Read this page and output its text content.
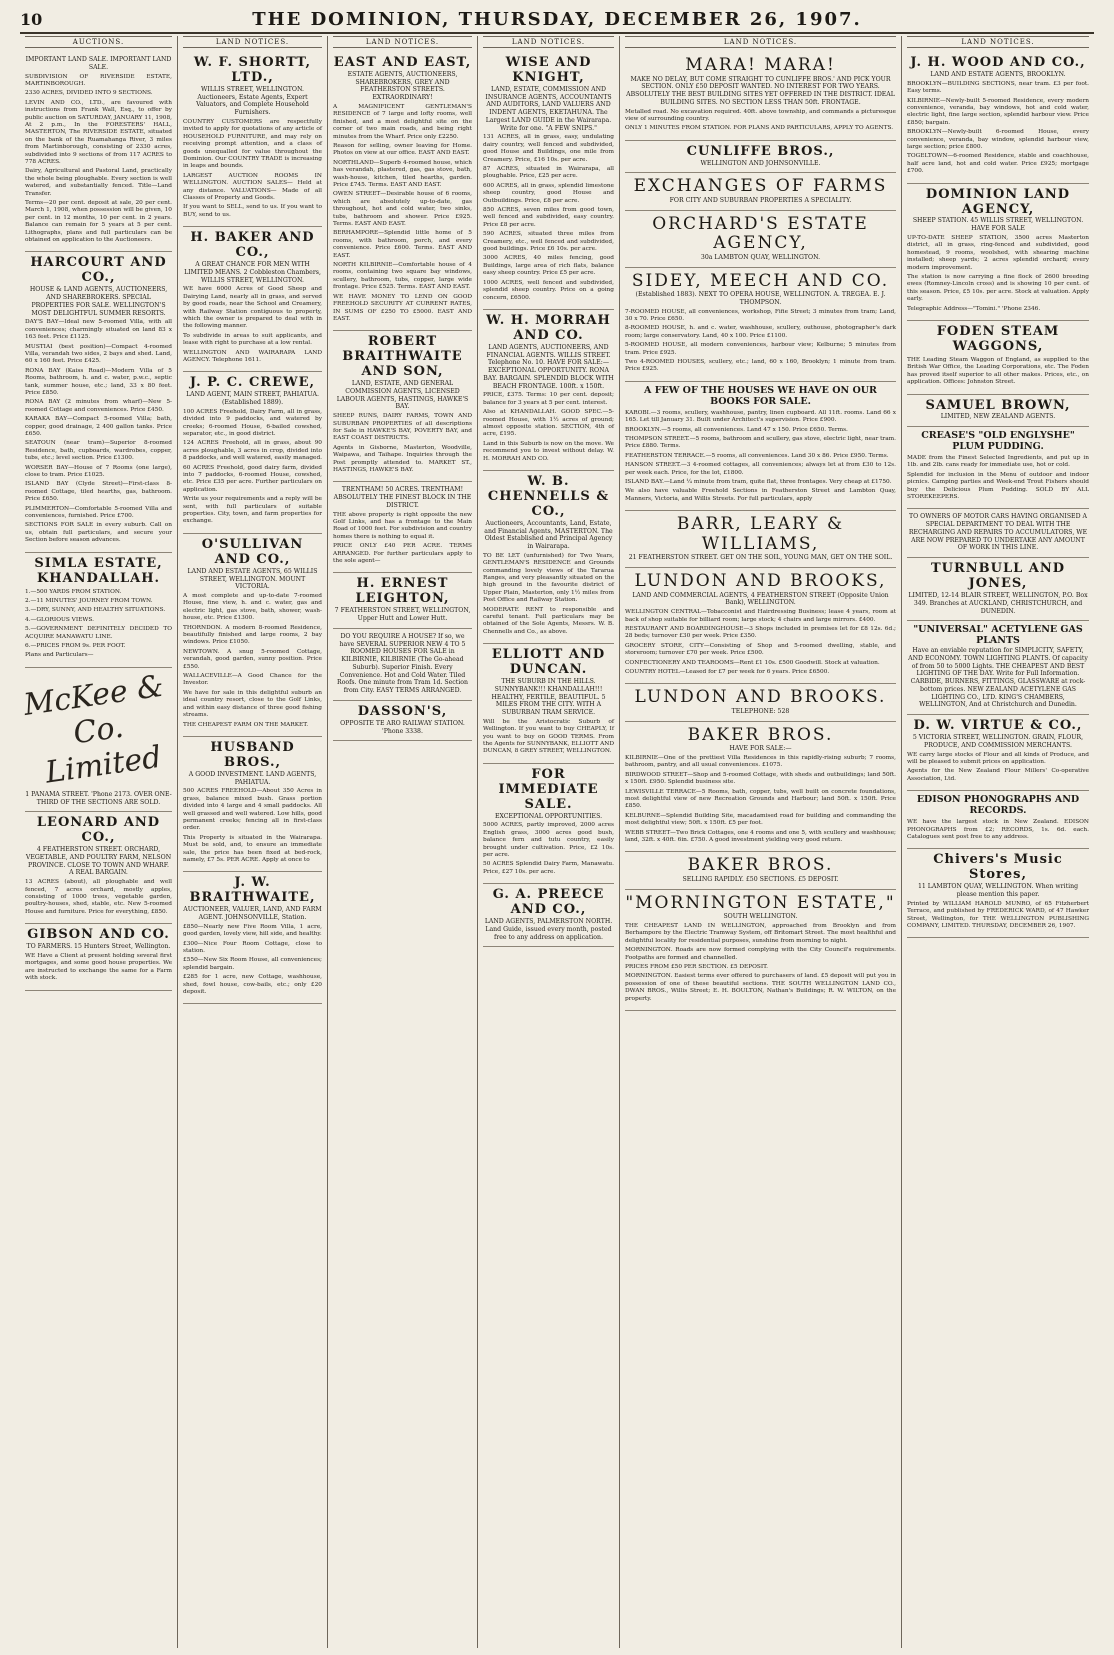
10	THE DOMINION, THURSDAY, DECEMBER 26, 1907.
AUCTIONS.
IMPORTANT LAND SALE. IMPORTANT LAND SALE.
SUBDIVISION OF RIVERSIDE ESTATE, MARTINBOROUGH.
2330 ACRES, DIVIDED INTO 9 SECTIONS.
LEVIN AND CO., LTD., are favoured with instructions from Frank Wall, Esq., to offer by public auction on SATURDAY, JANUARY 11, 1908, At 2 p.m., In the FORESTERS' HALL, MASTERTON, The RIVERSIDE ESTATE, situated on the bank of the Ruamahanga River, 3 miles from Martinborough, consisting of 2330 acres, subdivided into 9 sections of from 117 ACRES to 778 ACRES.
Dairy, Agricultural and Pastoral Land, practically the whole being ploughable. Every section is well watered, and substantially fenced. Title—Land Transfer.
Terms—20 per cent. deposit at sale, 20 per cent. March 1, 1908, when possession will be given, 10 per cent. in 12 months, 10 per cent. in 2 years. Balance can remain for 5 years at 5 per cent. Lithographs, plans and full particulars can be obtained on application to the Auctioneers.
HARCOURT AND CO.,
HOUSE & LAND AGENTS, AUCTIONEERS, AND SHAREBROKERS. SPECIAL PROPERTIES FOR SALE. WELLINGTON'S MOST DELIGHTFUL SUMMER RESORTS.
DAY'S BAY—Ideal new 5-roomed Villa, with all conveniences; charmingly situated on land 83 x 163 feet. Price £1125.
MUSTIAI (best position)—Compact 4-roomed Villa, verandah two sides, 2 bays and shed. Land, 60 x 160 feet. Price £425.
RONA BAY (Kaiss Road)—Modern Villa of 5 Rooms, bathroom, h. and c. water, p.w.c., septic tank, summer house, etc.; land, 33 x 80 feet. Price £850.
RONA BAY (2 minutes from wharf)—New 5-roomed Cottage and conveniences. Price £450.
KARAKA BAY—Compact 5-roomed Villa; bath, copper, good drainage, 2 400 gallon tanks. Price £650.
SEATOUN (near tram)—Superior 8-roomed Residence, bath, cupboards, wardrobes, copper, tubs, etc.; level section. Price £1300.
WORSER BAY—House of 7 Rooms (one large), close to tram. Price £1025.
ISLAND BAY (Clyde Street)—First-class 8-roomed Cottage, tiled hearths, gas, bathroom. Price £650.
PLIMMERTON—Comfortable 5-roomed Villa and conveniences, furnished. Price £700.
SECTIONS FOR SALE in every suburb. Call on us, obtain full particulars, and secure your Section before season advances.
SIMLA ESTATE, KHANDALLAH.
1.—500 YARDS FROM STATION.
2.—11 MINUTES' JOURNEY FROM TOWN.
3.—DRY, SUNNY, AND HEALTHY SITUATIONS.
4.—GLORIOUS VIEWS.
5.—GOVERNMENT DEFINITELY DECIDED TO ACQUIRE MANAWATU LINE.
6.—PRICES FROM 9s. PER FOOT.
Plans and Particulars—
McKee & Co. Limited
1 PANAMA STREET. 'Phone 2173. OVER ONE-THIRD OF THE SECTIONS ARE SOLD.
LEONARD AND CO.,
4 FEATHERSTON STREET. ORCHARD, VEGETABLE, AND POULTRY FARM, NELSON PROVINCE. CLOSE TO TOWN AND WHARF. A REAL BARGAIN.
13 ACRES (about), all ploughable and well fenced, 7 acres orchard, mostly apples, consisting of 1000 trees, vegetable garden, poultry-houses, shed, stable, etc. New 5-roomed House and furniture. Price for everything, £850.
GIBSON AND CO.
TO FARMERS. 15 Hunters Street, Wellington.
WE Have a Client at present holding several first mortgages, and some good house properties. We are instructed to exchange the same for a Farm with stock.
LAND NOTICES.
W. F. SHORTT, LTD.,
WILLIS STREET, WELLINGTON. Auctioneers, Estate Agents, Expert Valuators, and Complete Household Furnishers.
COUNTRY CUSTOMERS are respectfully invited to apply for quotations of any article of HOUSEHOLD FURNITURE, and may rely on receiving prompt attention, and a class of goods unequalled for value throughout the Dominion. Our COUNTRY TRADE is increasing in leaps and bounds.
LARGEST AUCTION ROOMS IN WELLINGTON. AUCTION SALES— Held at any distance. VALUATIONS— Made of all Classes of Property and Goods.
If you want to SELL, send to us. If you want to BUY, send to us.
H. BAKER AND CO.,
A GREAT CHANCE FOR MEN WITH LIMITED MEANS. 2 Cobbleston Chambers, WILLIS STREET, WELLINGTON.
WE have 6000 Acres of Good Sheep and Dairying Land, nearly all in grass, and served by good roads, near the School and Creamery, with Railway Station contiguous to property, which the owner is prepared to deal with in the following manner.
To subdivide in areas to suit applicants, and lease with right to purchase at a low rental.
WELLINGTON AND WAIRARAPA LAND AGENCY. Telephone 1611.
J. P. C. CREWE,
LAND AGENT, MAIN STREET, PAHIATUA. (Established 1889).
100 ACRES Freehold, Dairy Farm, all in grass, divided into 9 paddocks, and watered by creeks; 6-roomed House, 6-bailed cowshed, separator, etc., in good district.
124 ACRES Freehold, all in grass, about 90 acres ploughable, 3 acres in crop, divided into 8 paddocks, and well watered, easily managed.
60 ACRES Freehold, good dairy farm, divided into 7 paddocks, 6-roomed House, cowshed, etc. Price £35 per acre. Further particulars on application.
Write us your requirements and a reply will be sent, with full particulars of suitable properties. City, town, and farm properties for exchange.
O'SULLIVAN AND CO.,
LAND AND ESTATE AGENTS, 65 WILLIS STREET, WELLINGTON. MOUNT VICTORIA.
A most complete and up-to-date 7-roomed House, fine view, h. and c. water, gas and electric light, gas stove, bath, shower, wash-house, etc. Price £1300.
THORNDON. A modern 8-roomed Residence, beautifully finished and large rooms, 2 bay windows. Price £1050.
NEWTOWN. A snug 5-roomed Cottage, verandah, good garden, sunny position. Price £550.
WALLACEVILLE—A Good Chance for the Investor.
We have for sale in this delightful suburb an ideal country resort, close to the Golf Links, and within easy distance of three good fishing streams.
THE CHEAPEST FARM ON THE MARKET.
HUSBAND BROS.,
A GOOD INVESTMENT. LAND AGENTS, PAHIATUA.
500 ACRES FREEHOLD—About 350 Acres in grass, balance mixed bush. Grass portion divided into 4 large and 4 small paddocks. All well grassed and well watered. Low hills, good permanent creeks; fencing all in first-class order.
This Property is situated in the Wairarapa. Must be sold, and, to ensure an immediate sale, the price has been fixed at bed-rock, namely, £7 5s. PER ACRE. Apply at once to
J. W. BRAITHWAITE,
AUCTIONEER, VALUER, LAND, AND FARM AGENT. JOHNSONVILLE, Station.
£850—Nearly new Five Room Villa, 1 acre, good garden, lovely view, hill side, and healthy.
£300—Nice Four Room Cottage, close to station.
£550—New Six Room House, all conveniences; splendid bargain.
£285 for 1 acre, new Cottage, washhouse, shed, fowl house, cow-bails, etc.; only £20 deposit.
LAND NOTICES.
EAST AND EAST,
ESTATE AGENTS, AUCTIONEERS, SHAREBROKERS, GREY AND FEATHERSTON STREETS. EXTRAORDINARY!
A MAGNIFICENT GENTLEMAN'S RESIDENCE of 7 large and lofty rooms, well finished, and a most delightful site on the corner of two main roads, and being right minutes from the Wharf. Price only £2250.
Reason for selling, owner leaving for Home. Photos on view at our office. EAST AND EAST.
NORTHLAND—Superb 4-roomed house, which has verandah, plastered, gas, gas stove, bath, wash-house, kitchen, tiled hearths, garden. Price £745. Terms. EAST AND EAST.
OWEN STREET—Desirable house of 6 rooms, which are absolutely up-to-date, gas throughout, hot and cold water, two sinks, tubs, bathroom and shower. Price £925. Terms. EAST AND EAST.
BERHAMPORE—Splendid little home of 5 rooms, with bathroom, porch, and every convenience. Price £600. Terms. EAST AND EAST.
NORTH KILBIRNIE—Comfortable house of 4 rooms, containing two square bay windows, scullery, bathroom, tubs, copper, large wide frontage. Price £525. Terms. EAST AND EAST.
WE HAVE MONEY TO LEND ON GOOD FREEHOLD SECURITY AT CURRENT RATES, IN SUMS OF £250 TO £5000. EAST AND EAST.
ROBERT BRAITHWAITE AND SON,
LAND, ESTATE, AND GENERAL COMMISSION AGENTS, LICENSED LABOUR AGENTS, HASTINGS, HAWKE'S BAY.
SHEEP RUNS, DAIRY FARMS, TOWN AND SUBURBAN PROPERTIES of all descriptions for Sale in HAWKE'S BAY, POVERTY BAY, and EAST COAST DISTRICTS.
Agents in Gisborne, Masterton, Woodville, Waipawa, and Taihape. Inquiries through the Post promptly attended to. MARKET ST., HASTINGS, HAWKE'S BAY.
TRENTHAM! 50 ACRES. TRENTHAM! ABSOLUTELY THE FINEST BLOCK IN THE DISTRICT.
THE above property is right opposite the new Golf Links, and has a frontage to the Main Road of 1000 feet. For subdivision and country homes there is nothing to equal it.
PRICE ONLY £40 PER ACRE. TERMS ARRANGED. For further particulars apply to the sole agent—
H. ERNEST LEIGHTON,
7 FEATHERSTON STREET, WELLINGTON, Upper Hutt and Lower Hutt.
DO YOU REQUIRE A HOUSE? If so, we have SEVERAL SUPERIOR NEW 4 TO 5 ROOMED HOUSES FOR SALE in KILBIRNIE, KILBIRNIE (The Go-ahead Suburb). Superior Finish. Every Convenience. Hot and Cold Water. Tiled Roofs. One minute from Tram 1d. Section from City. EASY TERMS ARRANGED.
DASSON'S,
OPPOSITE TE ARO RAILWAY STATION. 'Phone 3338.
LAND NOTICES.
WISE AND KNIGHT,
LAND, ESTATE, COMMISSION AND INSURANCE AGENTS, ACCOUNTANTS AND AUDITORS, LAND VALUERS AND INDENT AGENTS, EKETAHUNA. The Largest LAND GUIDE in the Wairarapa. Write for one. "A FEW SNIPS."
131 ACRES, all in grass, easy, undulating dairy country, well fenced and subdivided, good House and Buildings, one mile from Creamery. Price, £16 10s. per acre.
87 ACRES, situated in Wairarapa, all ploughable. Price, £25 per acre.
600 ACRES, all in grass, splendid limestone sheep country, good House and Outbuildings. Price, £8 per acre.
850 ACRES, seven miles from good town, well fenced and subdivided, easy country. Price £8 per acre.
590 ACRES, situated three miles from Creamery, etc., well fenced and subdivided, good buildings. Price £6 10s. per acre.
3000 ACRES, 40 miles fencing, good Buildings, large area of rich flats, balance easy sheep country. Price £5 per acre.
1000 ACRES, well fenced and subdivided, splendid sheep country. Price on a going concern, £6500.
W. H. MORRAH AND CO.
LAND AGENTS, AUCTIONEERS, AND FINANCIAL AGENTS. WILLIS STREET. Telephone No. 10. HAVE FOR SALE:— EXCEPTIONAL OPPORTUNITY. RONA BAY. BARGAIN. SPLENDID BLOCK WITH BEACH FRONTAGE. 100ft. x 150ft.
PRICE, £375. Terms: 10 per cent. deposit; balance for 3 years at 5 per cent. interest.
Also at KHANDALLAH. GOOD SPEC.—5-roomed House, with 1½ acres of ground; almost opposite station. SECTION, 4th of acre, £195.
Land in this Suburb is now on the move. We recommend you to invest without delay. W. H. MORRAH AND CO.
W. B. CHENNELLS & CO.,
Auctioneers, Accountants, Land, Estate, and Financial Agents, MASTERTON. The Oldest Established and Principal Agency in Wairarapa.
TO BE LET (unfurnished) for Two Years, GENTLEMAN'S RESIDENCE and Grounds commanding lovely views of the Tararua Ranges, and very pleasantly situated on the high ground in the favourite district of Upper Plain, Masterton, only 1½ miles from Post Office and Railway Station.
MODERATE RENT to responsible and careful tenant. Full particulars may be obtained of the Sole Agents, Messrs. W. B. Chennells and Co., as above.
ELLIOTT AND DUNCAN.
THE SUBURB IN THE HILLS. SUNNYBANK!!! KHANDALLAH!!! HEALTHY, FERTILE, BEAUTIFUL. 5 MILES FROM THE CITY. WITH A SUBURBAN TRAM SERVICE.
Will be the Aristocratic Suburb of Wellington. If you want to buy CHEAPLY, If you want to buy on GOOD TERMS. From the Agents for SUNNYBANK, ELLIOTT AND DUNCAN, 8 GREY STREET, WELLINGTON.
FOR IMMEDIATE SALE.
EXCEPTIONAL OPPORTUNITIES.
5000 ACRES, partly improved, 2000 acres English grass, 3000 acres good bush, balance fern and tutu country, easily brought under cultivation. Price, £2 10s. per acre.
50 ACRES Splendid Dairy Farm, Manawatu. Price, £27 10s. per acre.
G. A. PREECE AND CO.,
LAND AGENTS, PALMERSTON NORTH. Land Guide, issued every month, posted free to any address on application.
LAND NOTICES.
MARA! MARA!
MAKE NO DELAY, BUT COME STRAIGHT TO CUNLIFFE BROS.' AND PICK YOUR SECTION. ONLY £50 DEPOSIT WANTED. NO INTEREST FOR TWO YEARS. ABSOLUTELY THE BEST BUILDING SITES YET OFFERED IN THE DISTRICT. IDEAL BUILDING SITES. NO SECTION LESS THAN 50ft. FRONTAGE.
Metalled road. No excavation required. 40ft. above township, and commands a picturesque view of surrounding country.
ONLY 1 MINUTES FROM STATION. FOR PLANS AND PARTICULARS, APPLY TO AGENTS.
CUNLIFFE BROS.,
WELLINGTON AND JOHNSONVILLE.
EXCHANGES OF FARMS
FOR CITY AND SUBURBAN PROPERTIES A SPECIALITY.
ORCHARD'S ESTATE AGENCY,
30a LAMBTON QUAY, WELLINGTON.
SIDEY, MEECH AND CO.
(Established 1883). NEXT TO OPERA HOUSE, WELLINGTON. A. TREGEA. E. J. THOMPSON.
7-ROOMED HOUSE, all conveniences, workshop, Fifie Street; 3 minutes from tram; Land, 30 x 70. Price £650.
8-ROOMED HOUSE, h. and c. water, washhouse, scullery, outhouse, photographer's dark room; large conservatory. Land, 40 x 100. Price £1100.
5-ROOMED HOUSE, all modern conveniences, harbour view; Kelburne; 5 minutes from tram. Price £925.
Two 4-ROOMED HOUSES, scullery, etc.; land, 60 x 160, Brooklyn; 1 minute from tram. Price £925.
A FEW OF THE HOUSES WE HAVE ON OUR BOOKS FOR SALE.
KAROBI.—3 rooms, scullery, washhouse, pantry, linen cupboard. All 11ft. rooms. Land 66 x 165. Let till January 31. Built under Architect's supervision. Price £900.
BROOKLYN.—5 rooms, all conveniences. Land 47 x 150. Price £650. Terms.
THOMPSON STREET.—5 rooms, bathroom and scullery, gas stove, electric light, near tram. Price £880. Terms.
FEATHERSTON TERRACE.—5 rooms, all conveniences. Land 30 x 86. Price £950. Terms.
HANSON STREET.—3 4-roomed cottages, all conveniences; always let at from £30 to 12s. per week each. Price, for the lot, £1800.
ISLAND BAY.—Land ¼ minute from tram, quite flat, three frontages. Very cheap at £1750.
We also have valuable Freehold Sections in Featherston Street and Lambton Quay, Manners, Victoria, and Willis Streets. For full particulars, apply
BARR, LEARY & WILLIAMS,
21 FEATHERSTON STREET. GET ON THE SOIL, YOUNG MAN, GET ON THE SOIL.
LUNDON AND BROOKS,
LAND AND COMMERCIAL AGENTS, 4 FEATHERSTON STREET (Opposite Union Bank), WELLINGTON.
WELLINGTON CENTRAL—Tobacconist and Hairdressing Business; lease 4 years, room at back of shop suitable for billiard room; large stock; 4 chairs and large mirrors. £400.
RESTAURANT AND BOARDINGHOUSE—3 Shops included in premises let for £8 12s. 6d.; 28 beds; turnover £30 per week. Price £350.
GROCERY STORE, CITY—Consisting of Shop and 5-roomed dwelling, stable, and storeroom; turnover £70 per week. Price £500.
CONFECTIONERY AND TEAROOMS—Rent £1 10s. £500 Goodwill. Stock at valuation.
COUNTRY HOTEL—Leased for £7 per week for 6 years. Price £6500.
LUNDON AND BROOKS.
TELEPHONE: 528
BAKER BROS.
HAVE FOR SALE:—
KILBIRNIE—One of the prettiest Villa Residences in this rapidly-rising suburb; 7 rooms, bathroom, pantry, and all usual conveniences. £1075.
BIRDWOOD STREET—Shop and 5-roomed Cottage, with sheds and outbuildings; land 50ft. x 150ft. £950. Splendid business site.
LEWISVILLE TERRACE—5 Rooms, bath, copper, tubs, well built on concrete foundations, most delightful view of new Recreation Grounds and Harbour; land 50ft. x 150ft. Price £850.
KELBURNE—Splendid Building Site, macadamised road for building and commanding the most delightful view; 50ft. x 150ft. £5 per foot.
WEBB STREET—Two Brick Cottages, one 4 rooms and one 5, with scullery and washhouse; land, 32ft. x 40ft. 6in. £750. A good investment yielding very good return.
BAKER BROS.
SELLING RAPIDLY. £50 SECTIONS. £5 DEPOSIT.
"MORNINGTON ESTATE,"
SOUTH WELLINGTON.
THE CHEAPEST LAND IN WELLINGTON, approached from Brooklyn and from Berhampore by the Electric Tramway System, off Britomart Street. The most healthful and delightful locality for residential purposes, sunshine from morning to night.
MORNINGTON. Roads are now formed complying with the City Council's requirements. Footpaths are formed and channelled.
PRICES FROM £50 PER SECTION. £5 DEPOSIT.
MORNINGTON. Easiest terms ever offered to purchasers of land. £5 deposit will put you in possession of one of these beautiful sections. THE SOUTH WELLINGTON LAND CO., DWAN BROS., Willis Street; E. H. BOULTON, Nathan's Buildings; R. W. WILTON, on the property.
LAND NOTICES.
J. H. WOOD AND CO.,
LAND AND ESTATE AGENTS, BROOKLYN.
BROOKLYN—BUILDING SECTIONS, near tram. £3 per foot. Easy terms.
KILBIRNIE—Newly-built 5-roomed Residence, every modern convenience, veranda, bay windows, hot and cold water, electric light, fine large section, splendid harbour view. Price £850; bargain.
BROOKLYN—Newly-built 6-roomed House, every convenience, veranda, bay window, splendid harbour view, large section; price £800.
TOGELTOWN—6-roomed Residence, stable and coachhouse, half acre land, hot and cold water. Price £925; mortgage £700.
DOMINION LAND AGENCY,
SHEEP STATION. 45 WILLIS STREET, WELLINGTON. HAVE FOR SALE
UP-TO-DATE SHEEP STATION, 3500 acres Masterton district, all in grass, ring-fenced and subdivided, good homestead, 9 rooms, woolshed, with shearing machine installed; sheep yards; 2 acres splendid orchard; every modern improvement.
The station is now carrying a fine flock of 2600 breeding ewes (Romney-Lincoln cross) and is showing 10 per cent. of this season. Price, £5 10s. per acre. Stock at valuation. Apply early.
Telegraphic Address—"Tomini." 'Phone 2346.
FODEN STEAM WAGGONS,
THE Leading Steam Waggon of England, as supplied to the British War Office, the Leading Corporations, etc. The Foden has proved itself superior to all other makes. Prices, etc., on application. Offices: Johnston Street.
SAMUEL BROWN,
LIMITED, NEW ZEALAND AGENTS.
CREASE'S "OLD ENGLYSHE" PLUM PUDDING.
MADE from the Finest Selected Ingredients, and put up in 1lb. and 2lb. cans ready for immediate use, hot or cold.
Splendid for inclusion in the Menu of outdoor and indoor picnics. Camping parties and Week-end Trout Fishers should buy the Delicious Plum Pudding. SOLD BY ALL STOREKEEPERS.
TO OWNERS OF MOTOR CARS HAVING ORGANISED A SPECIAL DEPARTMENT TO DEAL WITH THE RECHARGING AND REPAIRS TO ACCUMULATORS, WE ARE NOW PREPARED TO UNDERTAKE ANY AMOUNT OF WORK IN THIS LINE.
TURNBULL AND JONES,
LIMITED, 12-14 BLAIR STREET, WELLINGTON, P.O. Box 349. Branches at AUCKLAND, CHRISTCHURCH, and DUNEDIN.
"UNIVERSAL" ACETYLENE GAS PLANTS
Have an enviable reputation for SIMPLICITY, SAFETY, AND ECONOMY. TOWN LIGHTING PLANTS. Of capacity of from 50 to 5000 Lights. THE CHEAPEST AND BEST LIGHTING OF THE DAY. Write for Full Information. CARBIDE, BURNERS, FITTINGS, GLASSWARE at rock-bottom prices. NEW ZEALAND ACETYLENE GAS LIGHTING CO., LTD. KING'S CHAMBERS, WELLINGTON, And at Christchurch and Dunedin.
D. W. VIRTUE & CO.,
5 VICTORIA STREET, WELLINGTON. GRAIN, FLOUR, PRODUCE, AND COMMISSION MERCHANTS.
WE carry large stocks of Flour and all kinds of Produce, and will be pleased to submit prices on application.
Agents for the New Zealand Flour Millers' Co-operative Association, Ltd.
EDISON PHONOGRAPHS AND RECORDS.
WE have the largest stock in New Zealand. EDISON PHONOGRAPHS from £2; RECORDS, 1s. 6d. each. Catalogues sent post free to any address.
Chivers's Music Stores,
11 LAMBTON QUAY, WELLINGTON. When writing please mention this paper.
Printed by WILLIAM HAROLD MUNRO, of 65 Fitzherbert Terrace, and published by FREDERICK WARD, of 47 Hawker Street, Wellington, for THE WELLINGTON PUBLISHING COMPANY, LIMITED. THURSDAY, DECEMBER 26, 1907.
